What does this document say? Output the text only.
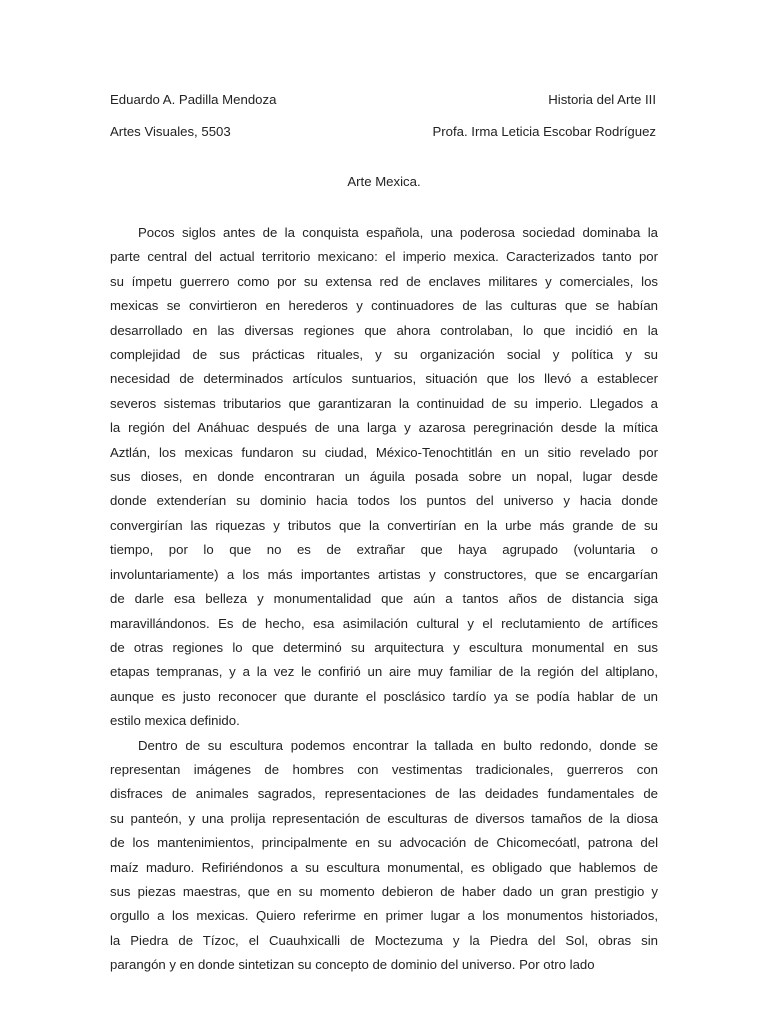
Eduardo A. Padilla Mendoza	Historia del Arte III
Artes Visuales, 5503	Profa. Irma Leticia Escobar Rodríguez
Arte Mexica.
Pocos siglos antes de la conquista española, una poderosa sociedad dominaba la
parte central del actual territorio mexicano: el imperio mexica. Caracterizados tanto por
su ímpetu guerrero como por su extensa red de enclaves militares y comerciales, los
mexicas se convirtieron en herederos y continuadores de las culturas que se habían
desarrollado en las diversas regiones que ahora controlaban, lo que incidió en la
complejidad de sus prácticas rituales, y su organización social y política y su
necesidad de determinados artículos suntuarios, situación que los llevó a establecer
severos sistemas tributarios que garantizaran la continuidad de su imperio. Llegados a
la región del Anáhuac después de una larga y azarosa peregrinación desde la mítica
Aztlán, los mexicas fundaron su ciudad, México-Tenochtitlán en un sitio revelado por
sus dioses, en donde encontraran un águila posada sobre un nopal, lugar desde
donde extenderían su dominio hacia todos los puntos del universo y hacia donde
convergirían las riquezas y tributos que la convertirían en la urbe más grande de su
tiempo, por lo que no es de extrañar que haya agrupado (voluntaria o
involuntariamente) a los más importantes artistas y constructores, que se encargarían
de darle esa belleza y monumentalidad que aún a tantos años de distancia siga
maravillándonos. Es de hecho, esa asimilación cultural y el reclutamiento de artífices
de otras regiones lo que determinó su arquitectura y escultura monumental en sus
etapas tempranas, y a la vez le confirió un aire muy familiar de la región del altiplano,
aunque es justo reconocer que durante el posclásico tardío ya se podía hablar de un
estilo mexica definido.
Dentro de su escultura podemos encontrar la tallada en bulto redondo, donde se
representan imágenes de hombres con vestimentas tradicionales, guerreros con
disfraces de animales sagrados, representaciones de las deidades fundamentales de
su panteón, y una prolija representación de esculturas de diversos tamaños de la diosa
de los mantenimientos, principalmente en su advocación de Chicomecóatl, patrona del
maíz maduro. Refiriéndonos a su escultura monumental, es obligado que hablemos de
sus piezas maestras, que en su momento debieron de haber dado un gran prestigio y
orgullo a los mexicas. Quiero referirme en primer lugar a los monumentos historiados,
la Piedra de Tízoc, el Cuauhxicalli de Moctezuma y la Piedra del Sol, obras sin
parangón y en donde sintetizan su concepto de dominio del universo. Por otro lado
